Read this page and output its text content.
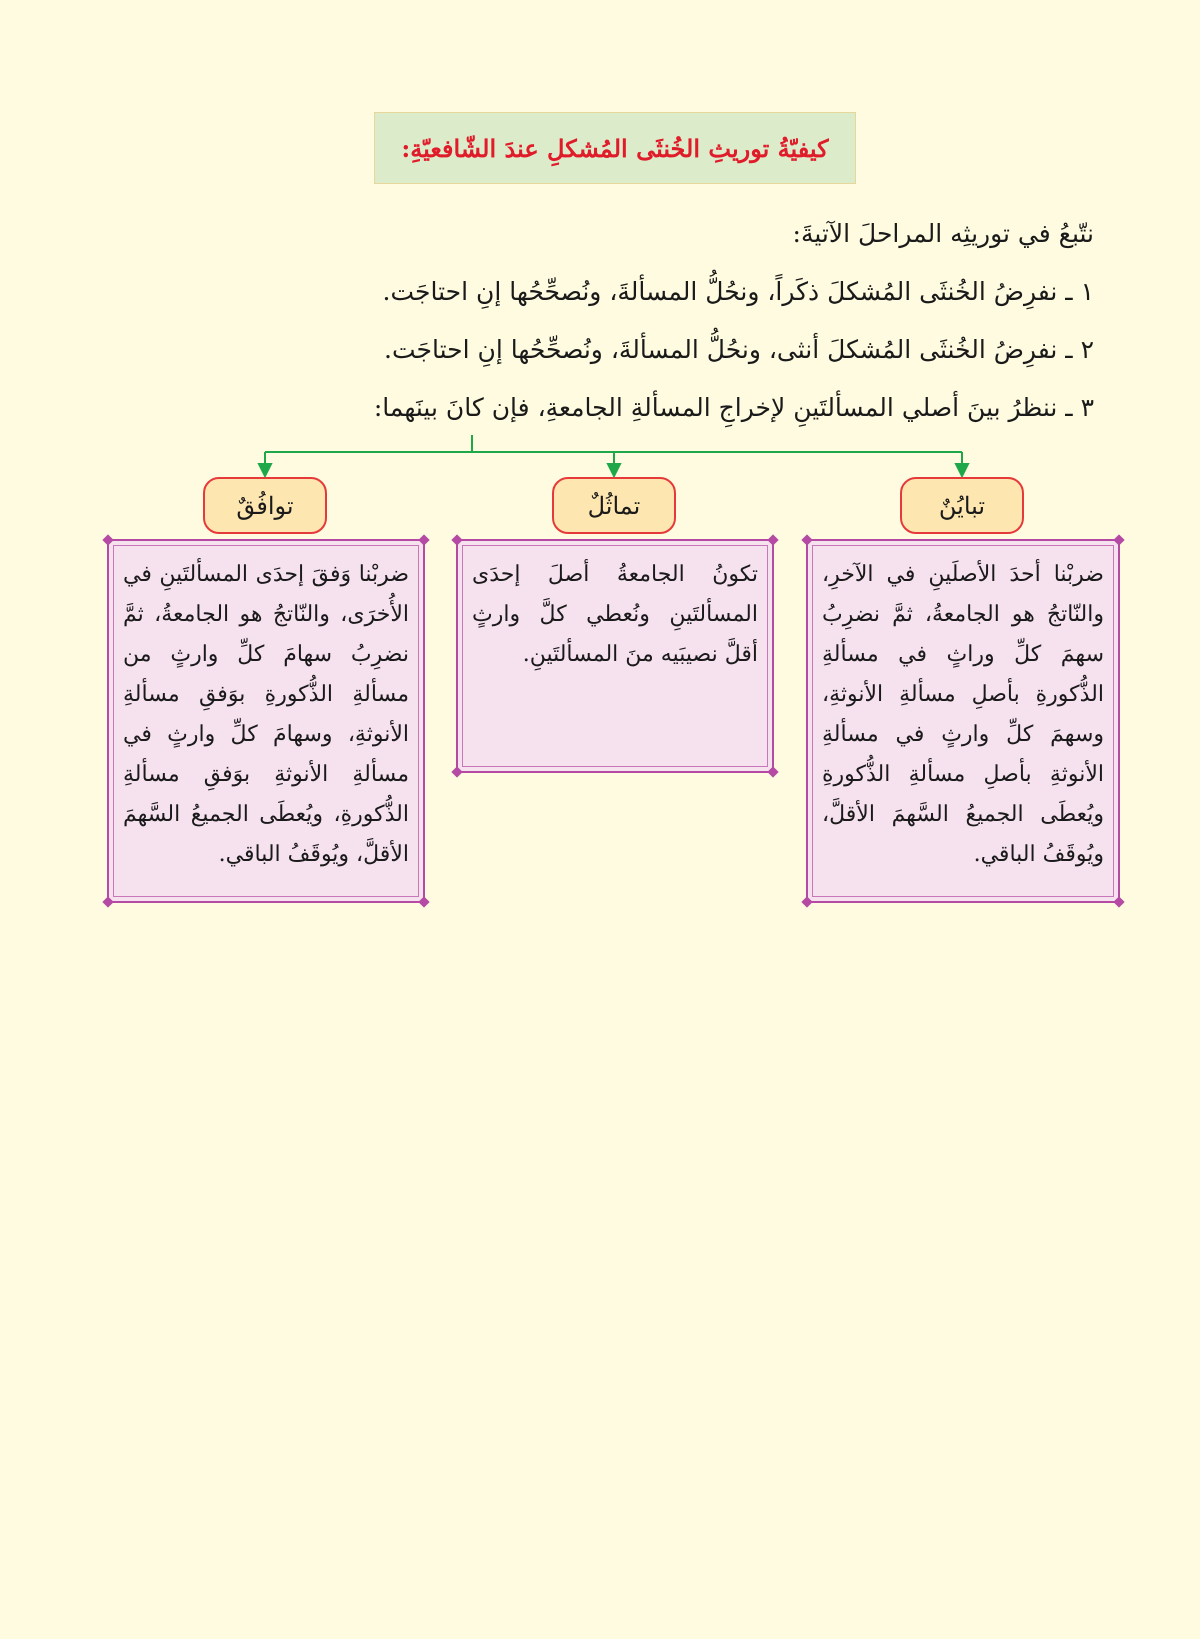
كيفيّةُ توريثِ الخُنثَى المُشكلِ عندَ الشّافعيّةِ:
نتّبعُ في توريثِه المراحلَ الآتيةَ:
١ ـ نفرِضُ الخُنثَى المُشكلَ ذكَراً، ونحُلُّ المسألةَ، ونُصحِّحُها إنِ احتاجَت.
٢ ـ نفرِضُ الخُنثَى المُشكلَ أنثى، ونحُلُّ المسألةَ، ونُصحِّحُها إنِ احتاجَت.
٣ ـ ننظرُ بينَ أصلي المسألتَينِ لإخراجِ المسألةِ الجامعةِ، فإن كانَ بينَهما:
تبايُنٌ
ضربْنا أحدَ الأصلَينِ في الآخرِ، والنّاتجُ هو الجامعةُ، ثمَّ نضرِبُ سهمَ كلِّ وراثٍ في مسألةِ الذُّكورةِ بأصلِ مسألةِ الأنوثةِ، وسهمَ كلِّ وارثٍ في مسألةِ الأنوثةِ بأصلِ مسألةِ الذُّكورةِ ويُعطَى الجميعُ السَّهمَ الأقلَّ، ويُوقَفُ الباقي.
تماثُلٌ
تكونُ الجامعةُ أصلَ إحدَى المسألتَينِ ونُعطي كلَّ وارثٍ أقلَّ نصيبَيه منَ المسألتَينِ.
توافُقٌ
ضربْنا وَفقَ إحدَى المسألتَينِ في الأُخرَى، والنّاتجُ هو الجامعةُ، ثمَّ نضرِبُ سهامَ كلِّ وارثٍ من مسألةِ الذُّكورةِ بوَفقِ مسألةِ الأنوثةِ، وسهامَ كلِّ وارثٍ في مسألةِ الأنوثةِ بوَفقِ مسألةِ الذُّكورةِ، ويُعطَى الجميعُ السَّهمَ الأقلَّ، ويُوقَفُ الباقي.
